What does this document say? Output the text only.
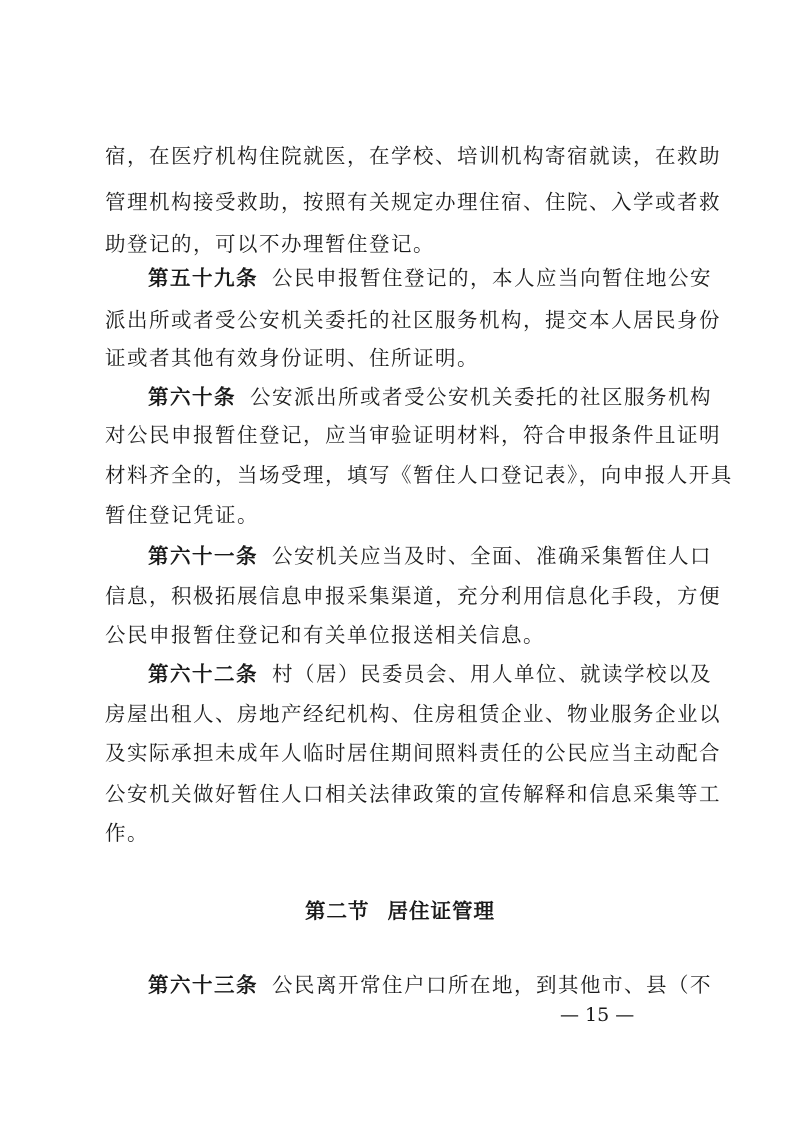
宿，在医疗机构住院就医，在学校、培训机构寄宿就读，在救助
管理机构接受救助，按照有关规定办理住宿、住院、入学或者救
助登记的，可以不办理暂住登记。
第五十九条 公民申报暂住登记的，本人应当向暂住地公安
派出所或者受公安机关委托的社区服务机构，提交本人居民身份
证或者其他有效身份证明、住所证明。
第六十条 公安派出所或者受公安机关委托的社区服务机构
对公民申报暂住登记，应当审验证明材料，符合申报条件且证明
材料齐全的，当场受理，填写《暂住人口登记表》，向申报人开具
暂住登记凭证。
第六十一条 公安机关应当及时、全面、准确采集暂住人口
信息，积极拓展信息申报采集渠道，充分利用信息化手段，方便
公民申报暂住登记和有关单位报送相关信息。
第六十二条 村（居）民委员会、用人单位、就读学校以及
房屋出租人、房地产经纪机构、住房租赁企业、物业服务企业以
及实际承担未成年人临时居住期间照料责任的公民应当主动配合
公安机关做好暂住人口相关法律政策的宣传解释和信息采集等工
作。
第二节 居住证管理
第六十三条 公民离开常住户口所在地，到其他市、县（不
— 15 —
